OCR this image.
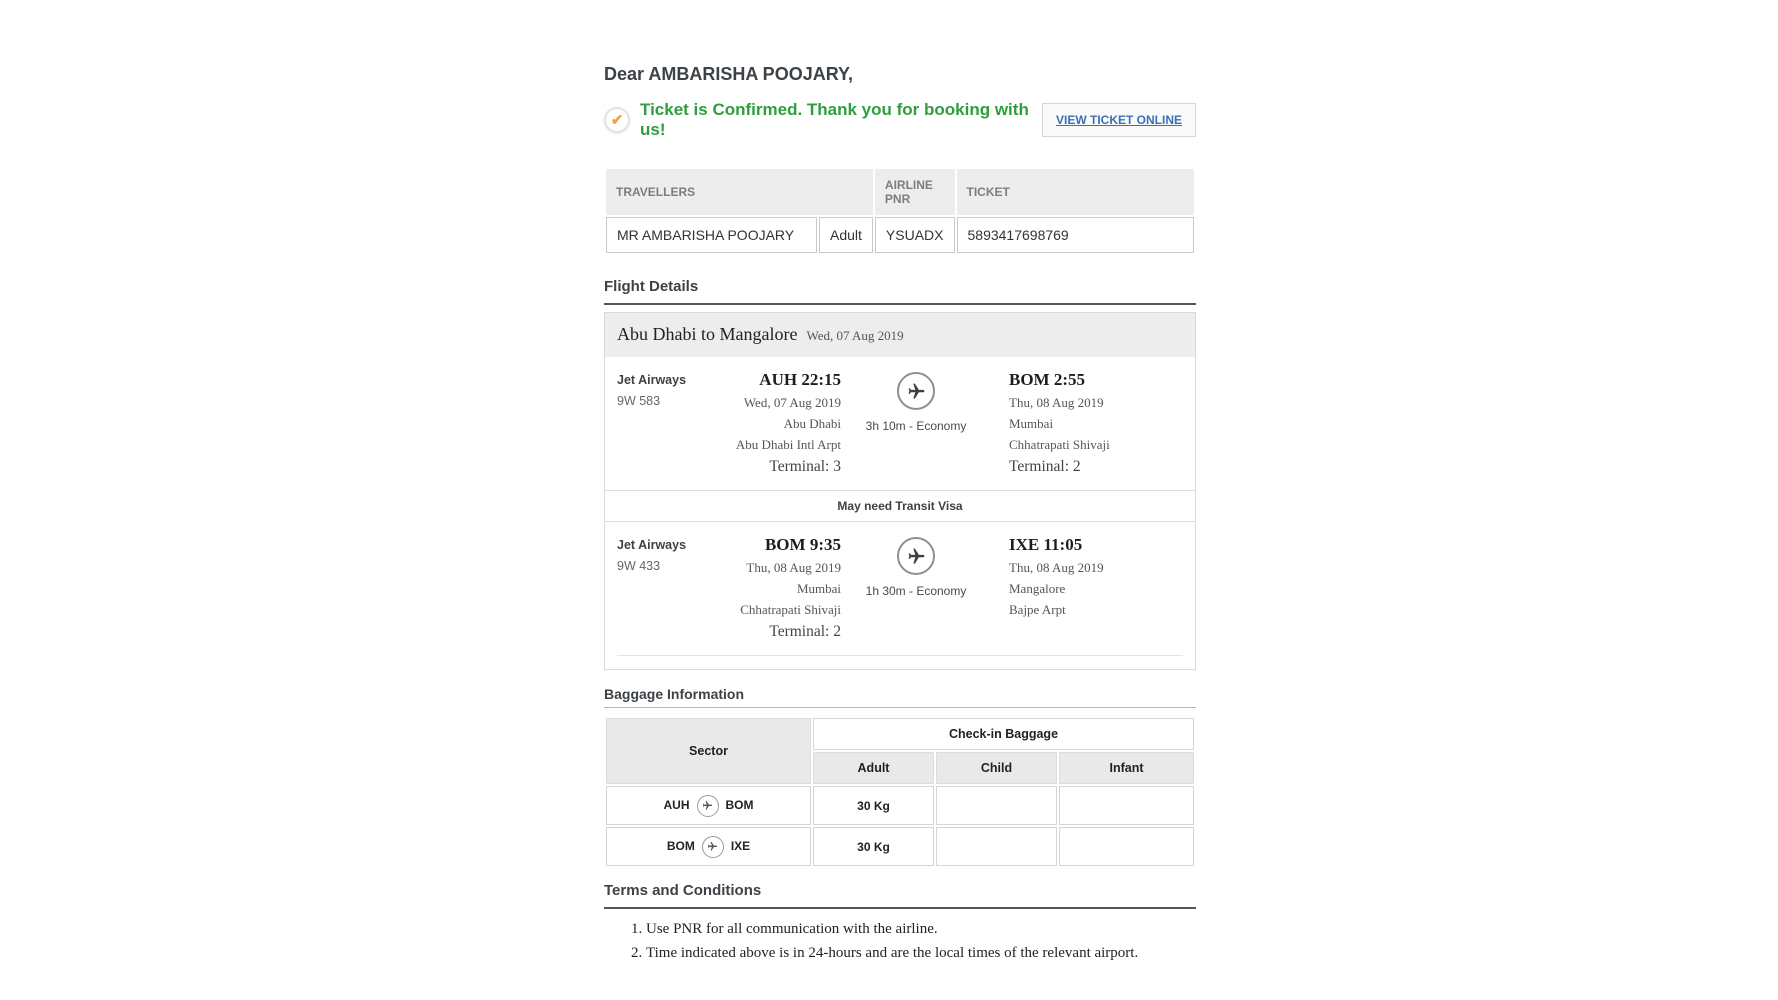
Dear AMBARISHA POOJARY,
✔
Ticket is Confirmed. Thank you for booking with us!	VIEW TICKET ONLINE
TRAVELLERS		AIRLINE PNR	TICKET
MR AMBARISHA POOJARY	Adult	YSUADX	5893417698769
Flight Details
Abu Dhabi to Mangalore Wed, 07 Aug 2019
Jet Airways
9W 583
AUH 22:15
Wed, 07 Aug 2019
Abu Dhabi
Abu Dhabi Intl Arpt
Terminal: 3
3h 10m - Economy
BOM 2:55
Thu, 08 Aug 2019
Mumbai
Chhatrapati Shivaji
Terminal: 2
May need Transit Visa
Jet Airways
9W 433
BOM 9:35
Thu, 08 Aug 2019
Mumbai
Chhatrapati Shivaji
Terminal: 2
1h 30m - Economy
IXE 11:05
Thu, 08 Aug 2019
Mangalore
Bajpe Arpt
Baggage Information
Sector	Check-in Baggage		
	Adult	Child	Infant
AUH BOM	30 Kg		
BOM IXE	30 Kg		
Terms and Conditions
1. Use PNR for all communication with the airline.
2. Time indicated above is in 24-hours and are the local times of the relevant airport.
